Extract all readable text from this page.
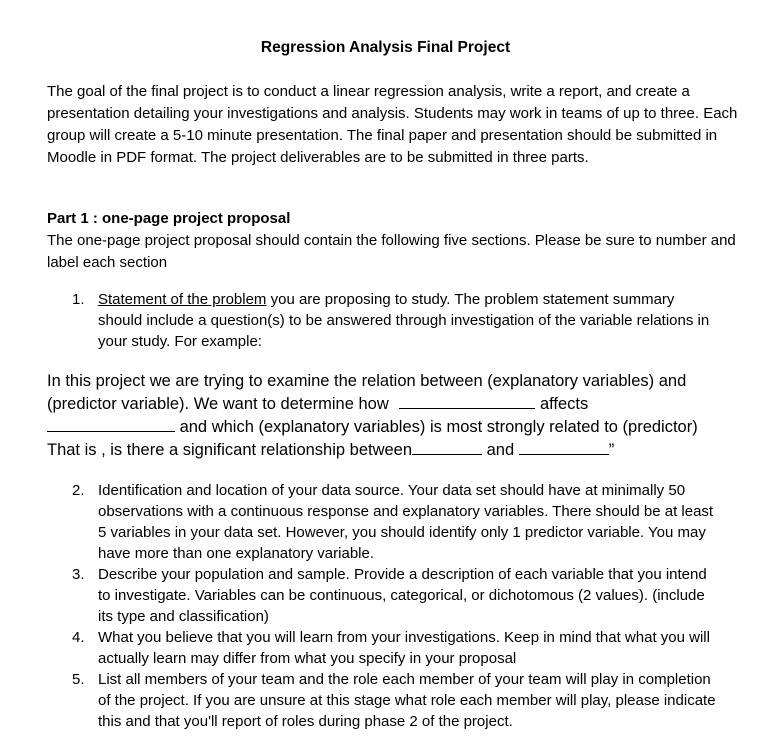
Regression Analysis Final Project

The goal of the final project is to conduct a linear regression analysis, write a report, and create a presentation detailing your investigations and analysis. Students may work in teams of up to three. Each group will create a 5-10 minute presentation. The final paper and presentation should be submitted in Moodle in PDF format. The project deliverables are to be submitted in three parts.

Part 1 : one-page project proposal

The one-page project proposal should contain the following five sections. Please be sure to number and label each section

1. Statement of the problem you are proposing to study. The problem statement summary should include a question(s) to be answered through investigation of the variable relations in your study. For example:
In this project we are trying to examine the relation between (explanatory variables) and
(predictor variable). We want to determine how	affects
and which (explanatory variables) is most strongly related to (predictor)
That is , is there a significant relationship between	and	”
2. Identification and location of your data source. Your data set should have at minimally 50 observations with a continuous response and explanatory variables. There should be at least 5 variables in your data set. However, you should identify only 1 predictor variable. You may have more than one explanatory variable.
3. Describe your population and sample. Provide a description of each variable that you intend to investigate. Variables can be continuous, categorical, or dichotomous (2 values). (include its type and classification)
4. What you believe that you will learn from your investigations. Keep in mind that what you will actually learn may differ from what you specify in your proposal
5. List all members of your team and the role each member of your team will play in completion of the project. If you are unsure at this stage what role each member will play, please indicate this and that you'll report of roles during phase 2 of the project.
